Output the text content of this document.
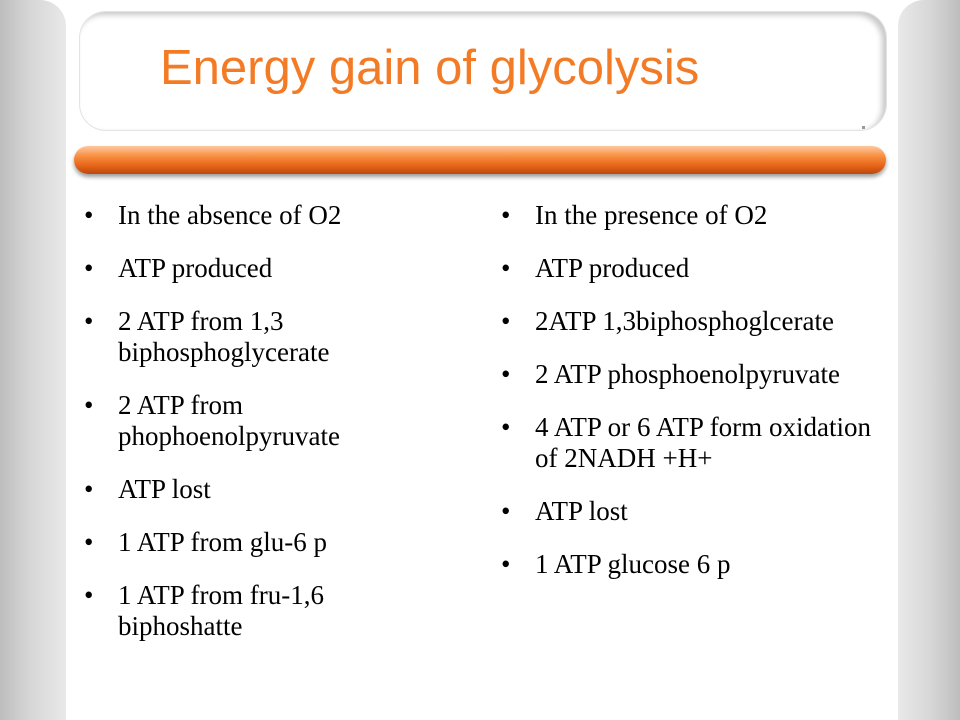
Energy gain of glycolysis
• In the absence of O2
• ATP produced
• 2 ATP from 1,3 biphosphoglycerate
• 2 ATP from phophoenolpyruvate
• ATP lost
• 1 ATP from glu-6 p
• 1 ATP from fru-1,6 biphoshatte
• In the presence of O2
• ATP produced
• 2ATP 1,3biphosphoglcerate
• 2 ATP phosphoenolpyruvate
• 4 ATP or 6 ATP form oxidation of 2NADH +H+
• ATP lost
• 1 ATP glucose 6 p
